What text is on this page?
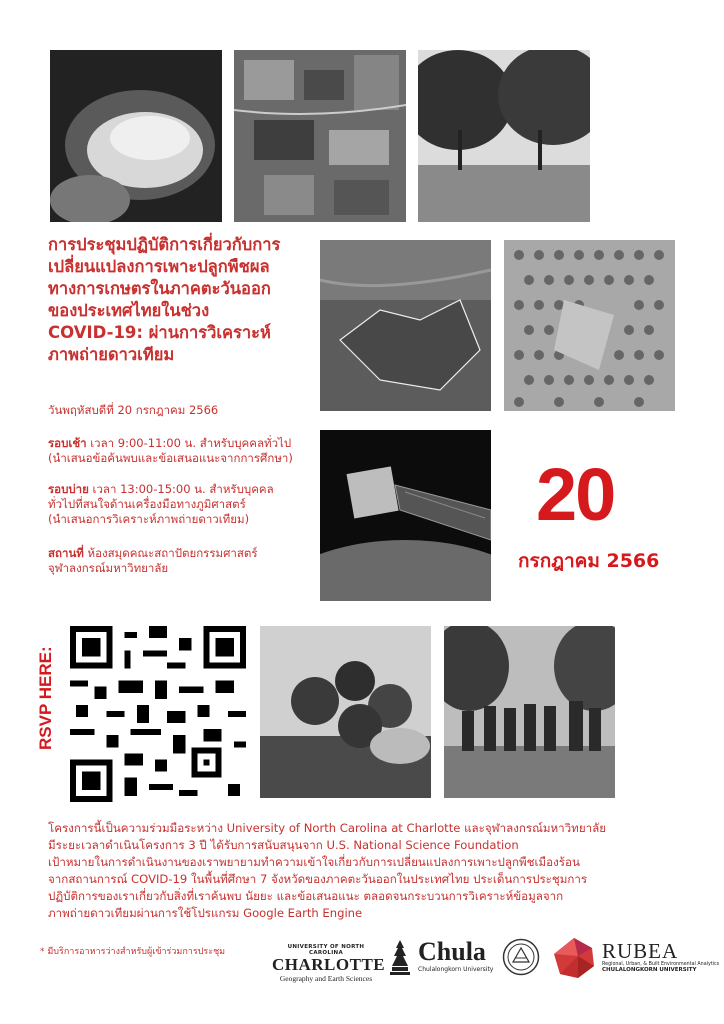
การประชุมปฏิบัติการเกี่ยวกับการ
เปลี่ยนแปลงการเพาะปลูกพืชผล
ทางการเกษตรในภาคตะวันออก
ของประเทศไทยในช่วง
COVID-19: ผ่านการวิเคราะห์
ภาพถ่ายดาวเทียม
วันพฤหัสบดีที่ 20 กรกฎาคม 2566
รอบเช้า เวลา 9:00-11:00 น. สำหรับบุคคลทั่วไป
(นำเสนอข้อค้นพบและข้อเสนอแนะจากการศึกษา)
รอบบ่าย เวลา 13:00-15:00 น. สำหรับบุคคล
ทั่วไปที่สนใจด้านเครื่องมือทางภูมิศาสตร์
(นำเสนอการวิเคราะห์ภาพถ่ายดาวเทียม)
สถานที่ ห้องสมุดคณะสถาปัตยกรรมศาสตร์
จุฬาลงกรณ์มหาวิทยาลัย
20
กรกฎาคม 2566
RSVP HERE:
โครงการนี้เป็นความร่วมมือระหว่าง University of North Carolina at Charlotte และจุฬาลงกรณ์มหาวิทยาลัย
มีระยะเวลาดำเนินโครงการ 3 ปี ได้รับการสนับสนุนจาก U.S. National Science Foundation
เป้าหมายในการดำเนินงานของเราพยายามทำความเข้าใจเกี่ยวกับการเปลี่ยนแปลงการเพาะปลูกพืชเมืองร้อน
จากสถานการณ์ COVID-19 ในพื้นที่ศึกษา 7 จังหวัดของภาคตะวันออกในประเทศไทย ประเด็นการประชุมการ
ปฏิบัติการของเราเกี่ยวกับสิ่งที่เราค้นพบ นัยยะ และข้อเสนอแนะ ตลอดจนกระบวนการวิเคราะห์ข้อมูลจาก
ภาพถ่ายดาวเทียมผ่านการใช้โปรแกรม Google Earth Engine
* มีบริการอาหารว่างสำหรับผู้เข้าร่วมการประชุม	UNIVERSITY OF NORTH CAROLINA
CHARLOTTE
Geography and Earth Sciences
Chula
Chulalongkorn University
RUBEA
Regional, Urban, & Built Environmental Analytics
CHULALONGKORN UNIVERSITY
